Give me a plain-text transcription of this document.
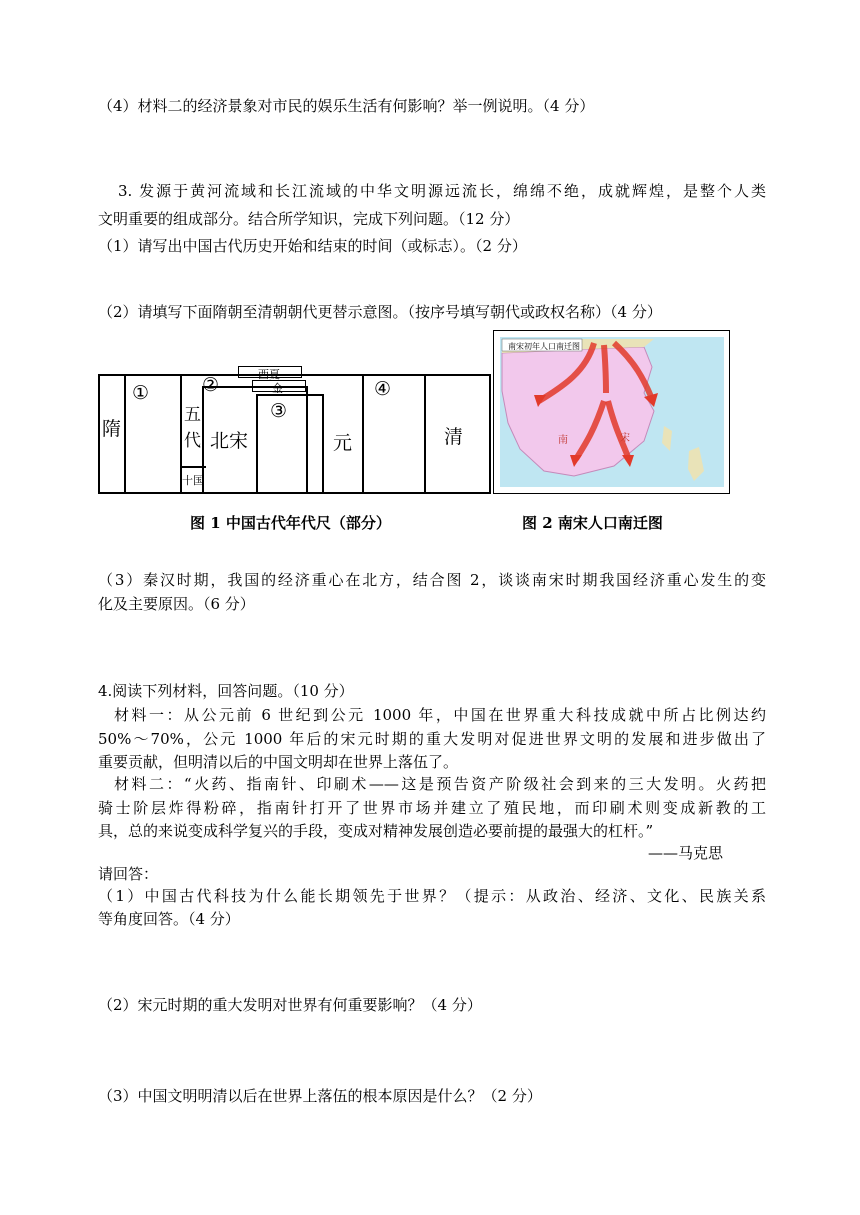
（4）材料二的经济景象对市民的娱乐生活有何影响？举一例说明。（4 分）
3. 发源于黄河流域和长江流域的中华文明源远流长，绵绵不绝，成就辉煌，是整个人类
文明重要的组成部分。结合所学知识，完成下列问题。（12 分）
（1）请写出中国古代历史开始和结束的时间（或标志）。（2 分）
（2）请填写下面隋朝至清朝朝代更替示意图。（按序号填写朝代或政权名称）（4 分）
隋
①	②	西夏
金
五
代
十国
北宋
③
元
④
清
南宋初年人口南迁图
南	宋
图 1 中国古代年代尺（部分）	图 2 南宋人口南迁图
（3）秦汉时期，我国的经济重心在北方，结合图 2，谈谈南宋时期我国经济重心发生的变
化及主要原因。（6 分）
4.阅读下列材料，回答问题。（10 分）
材料一：从公元前 6 世纪到公元 1000 年，中国在世界重大科技成就中所占比例达约
50%～70%，公元 1000 年后的宋元时期的重大发明对促进世界文明的发展和进步做出了
重要贡献，但明清以后的中国文明却在世界上落伍了。
材料二：“火药、指南针、印刷术——这是预告资产阶级社会到来的三大发明。火药把
骑士阶层炸得粉碎，指南针打开了世界市场并建立了殖民地，而印刷术则变成新教的工
具，总的来说变成科学复兴的手段，变成对精神发展创造必要前提的最强大的杠杆。”
——马克思
请回答：
（1）中国古代科技为什么能长期领先于世界？（提示：从政治、经济、文化、民族关系
等角度回答。（4 分）
（2）宋元时期的重大发明对世界有何重要影响？（4 分）
（3）中国文明明清以后在世界上落伍的根本原因是什么？（2 分）
